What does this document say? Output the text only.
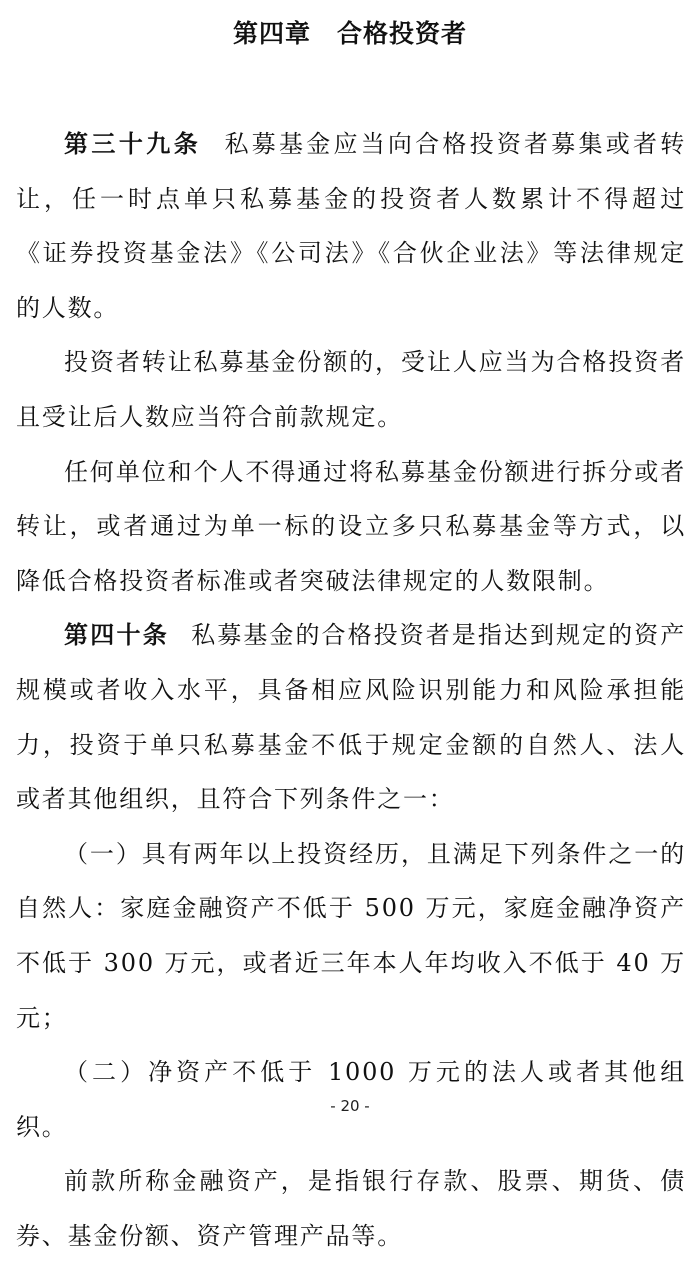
第四章　合格投资者

第三十九条 私募基金应当向合格投资者募集或者转让，任一时点单只私募基金的投资者人数累计不得超过《证券投资基金法》《公司法》《合伙企业法》等法律规定的人数。

投资者转让私募基金份额的，受让人应当为合格投资者且受让后人数应当符合前款规定。

任何单位和个人不得通过将私募基金份额进行拆分或者转让，或者通过为单一标的设立多只私募基金等方式，以降低合格投资者标准或者突破法律规定的人数限制。

第四十条 私募基金的合格投资者是指达到规定的资产规模或者收入水平，具备相应风险识别能力和风险承担能力，投资于单只私募基金不低于规定金额的自然人、法人或者其他组织，且符合下列条件之一：

（一）具有两年以上投资经历，且满足下列条件之一的自然人：家庭金融资产不低于 500 万元，家庭金融净资产不低于 300 万元，或者近三年本人年均收入不低于 40 万元；

（二）净资产不低于 1000 万元的法人或者其他组织。

前款所称金融资产，是指银行存款、股票、期货、债券、基金份额、资产管理产品等。

- 20 -
